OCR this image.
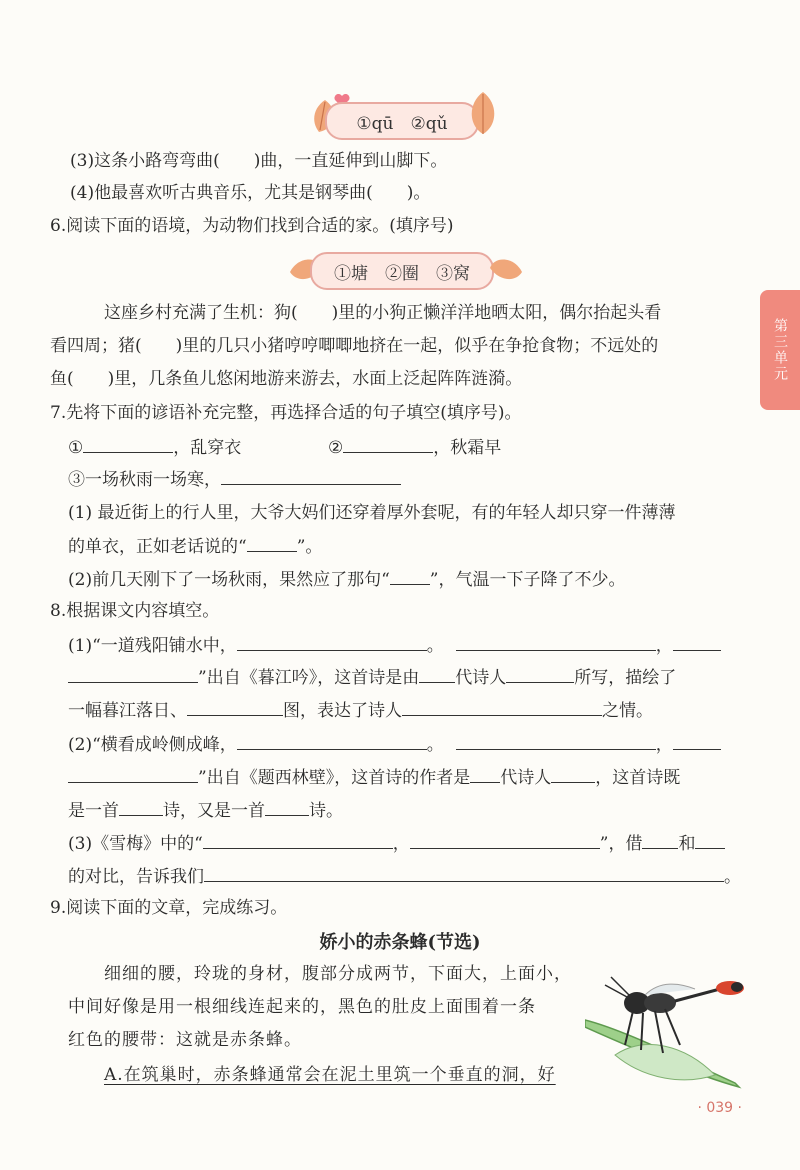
①qū　②qǔ
(3)这条小路弯弯曲( )曲，一直延伸到山脚下。
(4)他最喜欢听古典音乐，尤其是钢琴曲( )。
6.阅读下面的语境，为动物们找到合适的家。(填序号)
①塘　②圈　③窝
这座乡村充满了生机：狗( )里的小狗正懒洋洋地晒太阳，偶尔抬起头看
看四周；猪( )里的几只小猪哼哼唧唧地挤在一起，似乎在争抢食物；不远处的
鱼( )里，几条鱼儿悠闲地游来游去，水面上泛起阵阵涟漪。	第三单元
7.先将下面的谚语补充完整，再选择合适的句子填空(填序号)。
①	，乱穿衣	②	，秋霜早
③一场秋雨一场寒，
(1) 最近街上的行人里，大爷大妈们还穿着厚外套呢，有的年轻人却只穿一件薄薄
的单衣，正如老话说的“	”。
(2)前几天刚下了一场秋雨，果然应了那句“ ”，气温一下子降了不少。
8.根据课文内容填空。
(1)“一道残阳铺水中，	。	，
”出自《暮江吟》，这首诗是由 代诗人	所写，描绘了
一幅暮江落日、	图，表达了诗人	之情。
(2)“横看成岭侧成峰，	。	，
”出自《题西林壁》，这首诗的作者是 代诗人	，这首诗既
是一首	诗，又是一首	诗。
(3)《雪梅》中的“	，	”，借 和
的对比，告诉我们	。
9.阅读下面的文章，完成练习。
娇小的赤条蜂(节选)
细细的腰，玲珑的身材，腹部分成两节，下面大，上面小，
中间好像是用一根细线连起来的，黑色的肚皮上面围着一条
红色的腰带：这就是赤条蜂。
A.在筑巢时，赤条蜂通常会在泥土里筑一个垂直的洞，好
· 039 ·
